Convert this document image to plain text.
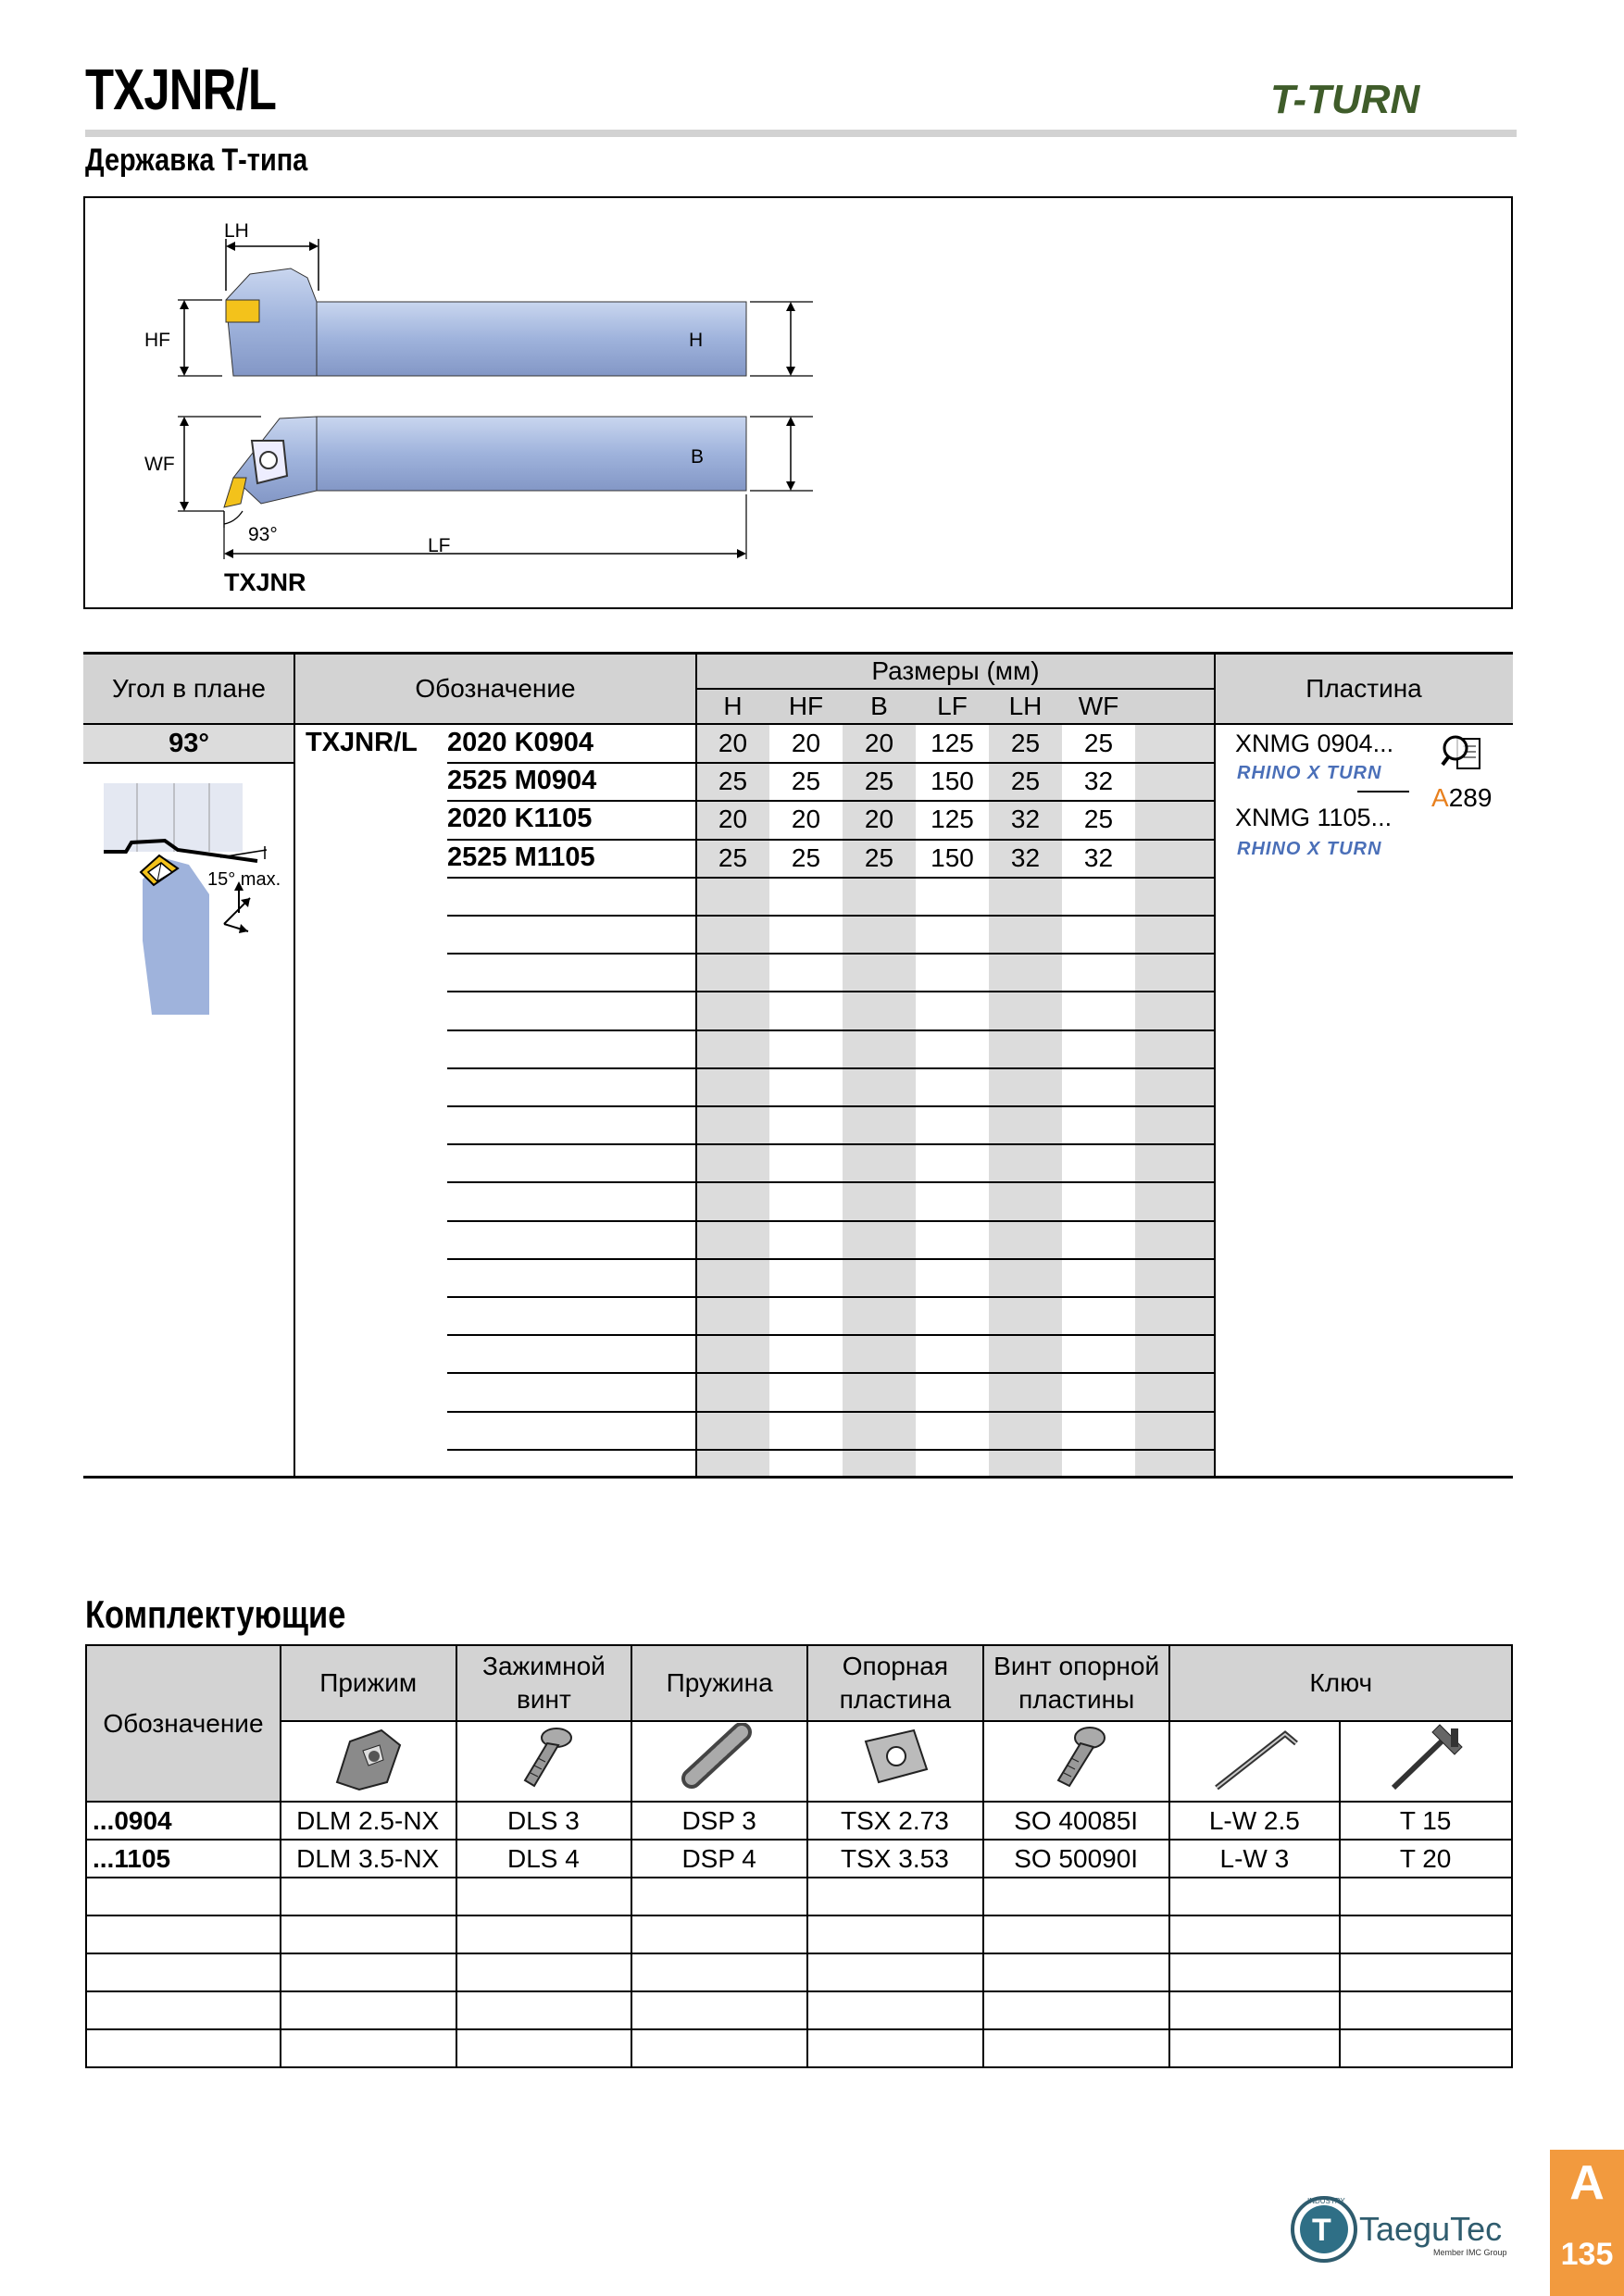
TXJNR/L
Державка Т-типа
T-TURN
LH
HF	H
WF	B
93°
LF
TXJNR
Угол в плане	Обозначение
Размеры (мм)
Пластина
H	HF	B	LF	LH	WF
93°
15° max.
TXJNR/L 2020 K0904	20	20	20	125	25	25
2525 M0904	25	25	25	150	25	32
2020 K1105	20	20	20	125	32	25
2525 M1105	25	25	25	150	32	32
XNMG 0904...
RHINO X TURN
XNMG 1105...
RHINO X TURN
A289
Комплектующие
Обозначение	Прижим	Зажимной винт	Пружина	Опорная пластина	Винт опорной пластины	Ключ	

...0904	DLM 2.5-NX	DLS 3	DSP 3	TSX 2.73	SO 40085I	L-W 2.5	T 15
...1105	DLM 3.5-NX	DLS 4	DSP 4	TSX 3.53	SO 50090I	L-W 3	T 20

T
INDUSTRY
TaeguTec
Member IMC Group
A
135
